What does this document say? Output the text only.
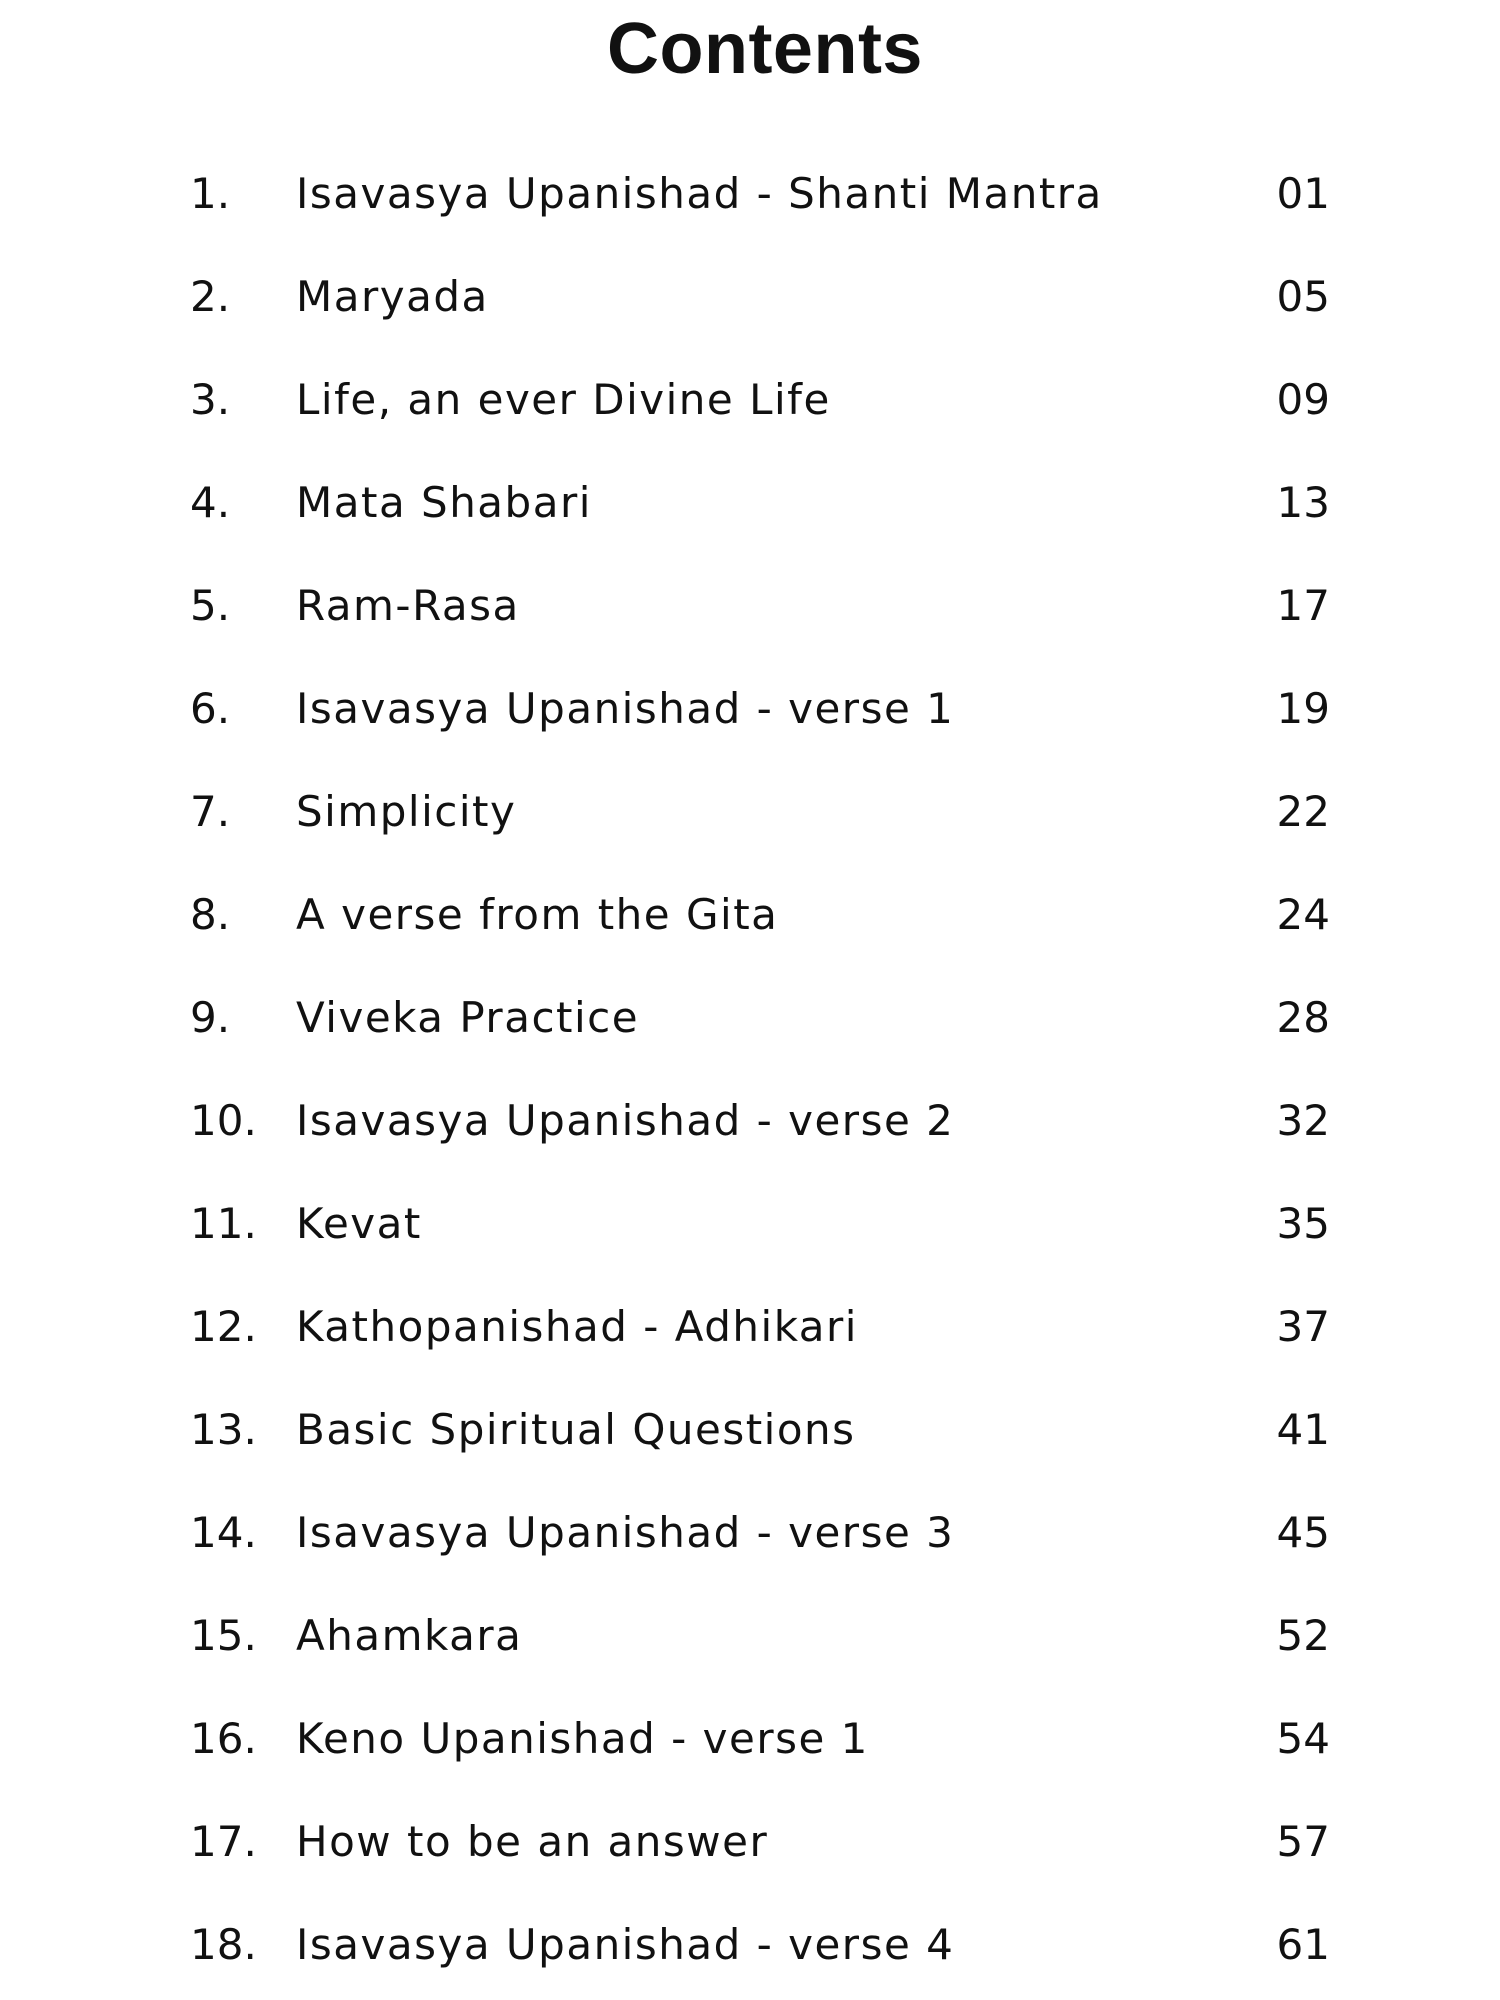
Contents
1. Isavasya Upanishad - Shanti Mantra	01
2. Maryada	05
3. Life, an ever Divine Life	09
4. Mata Shabari	13
5. Ram-Rasa	17
6. Isavasya Upanishad - verse 1	19
7. Simplicity	22
8. A verse from the Gita	24
9. Viveka Practice	28
10. Isavasya Upanishad - verse 2	32
11. Kevat	35
12. Kathopanishad - Adhikari	37
13. Basic Spiritual Questions	41
14. Isavasya Upanishad - verse 3	45
15. Ahamkara	52
16. Keno Upanishad - verse 1	54
17. How to be an answer	57
18. Isavasya Upanishad - verse 4	61
